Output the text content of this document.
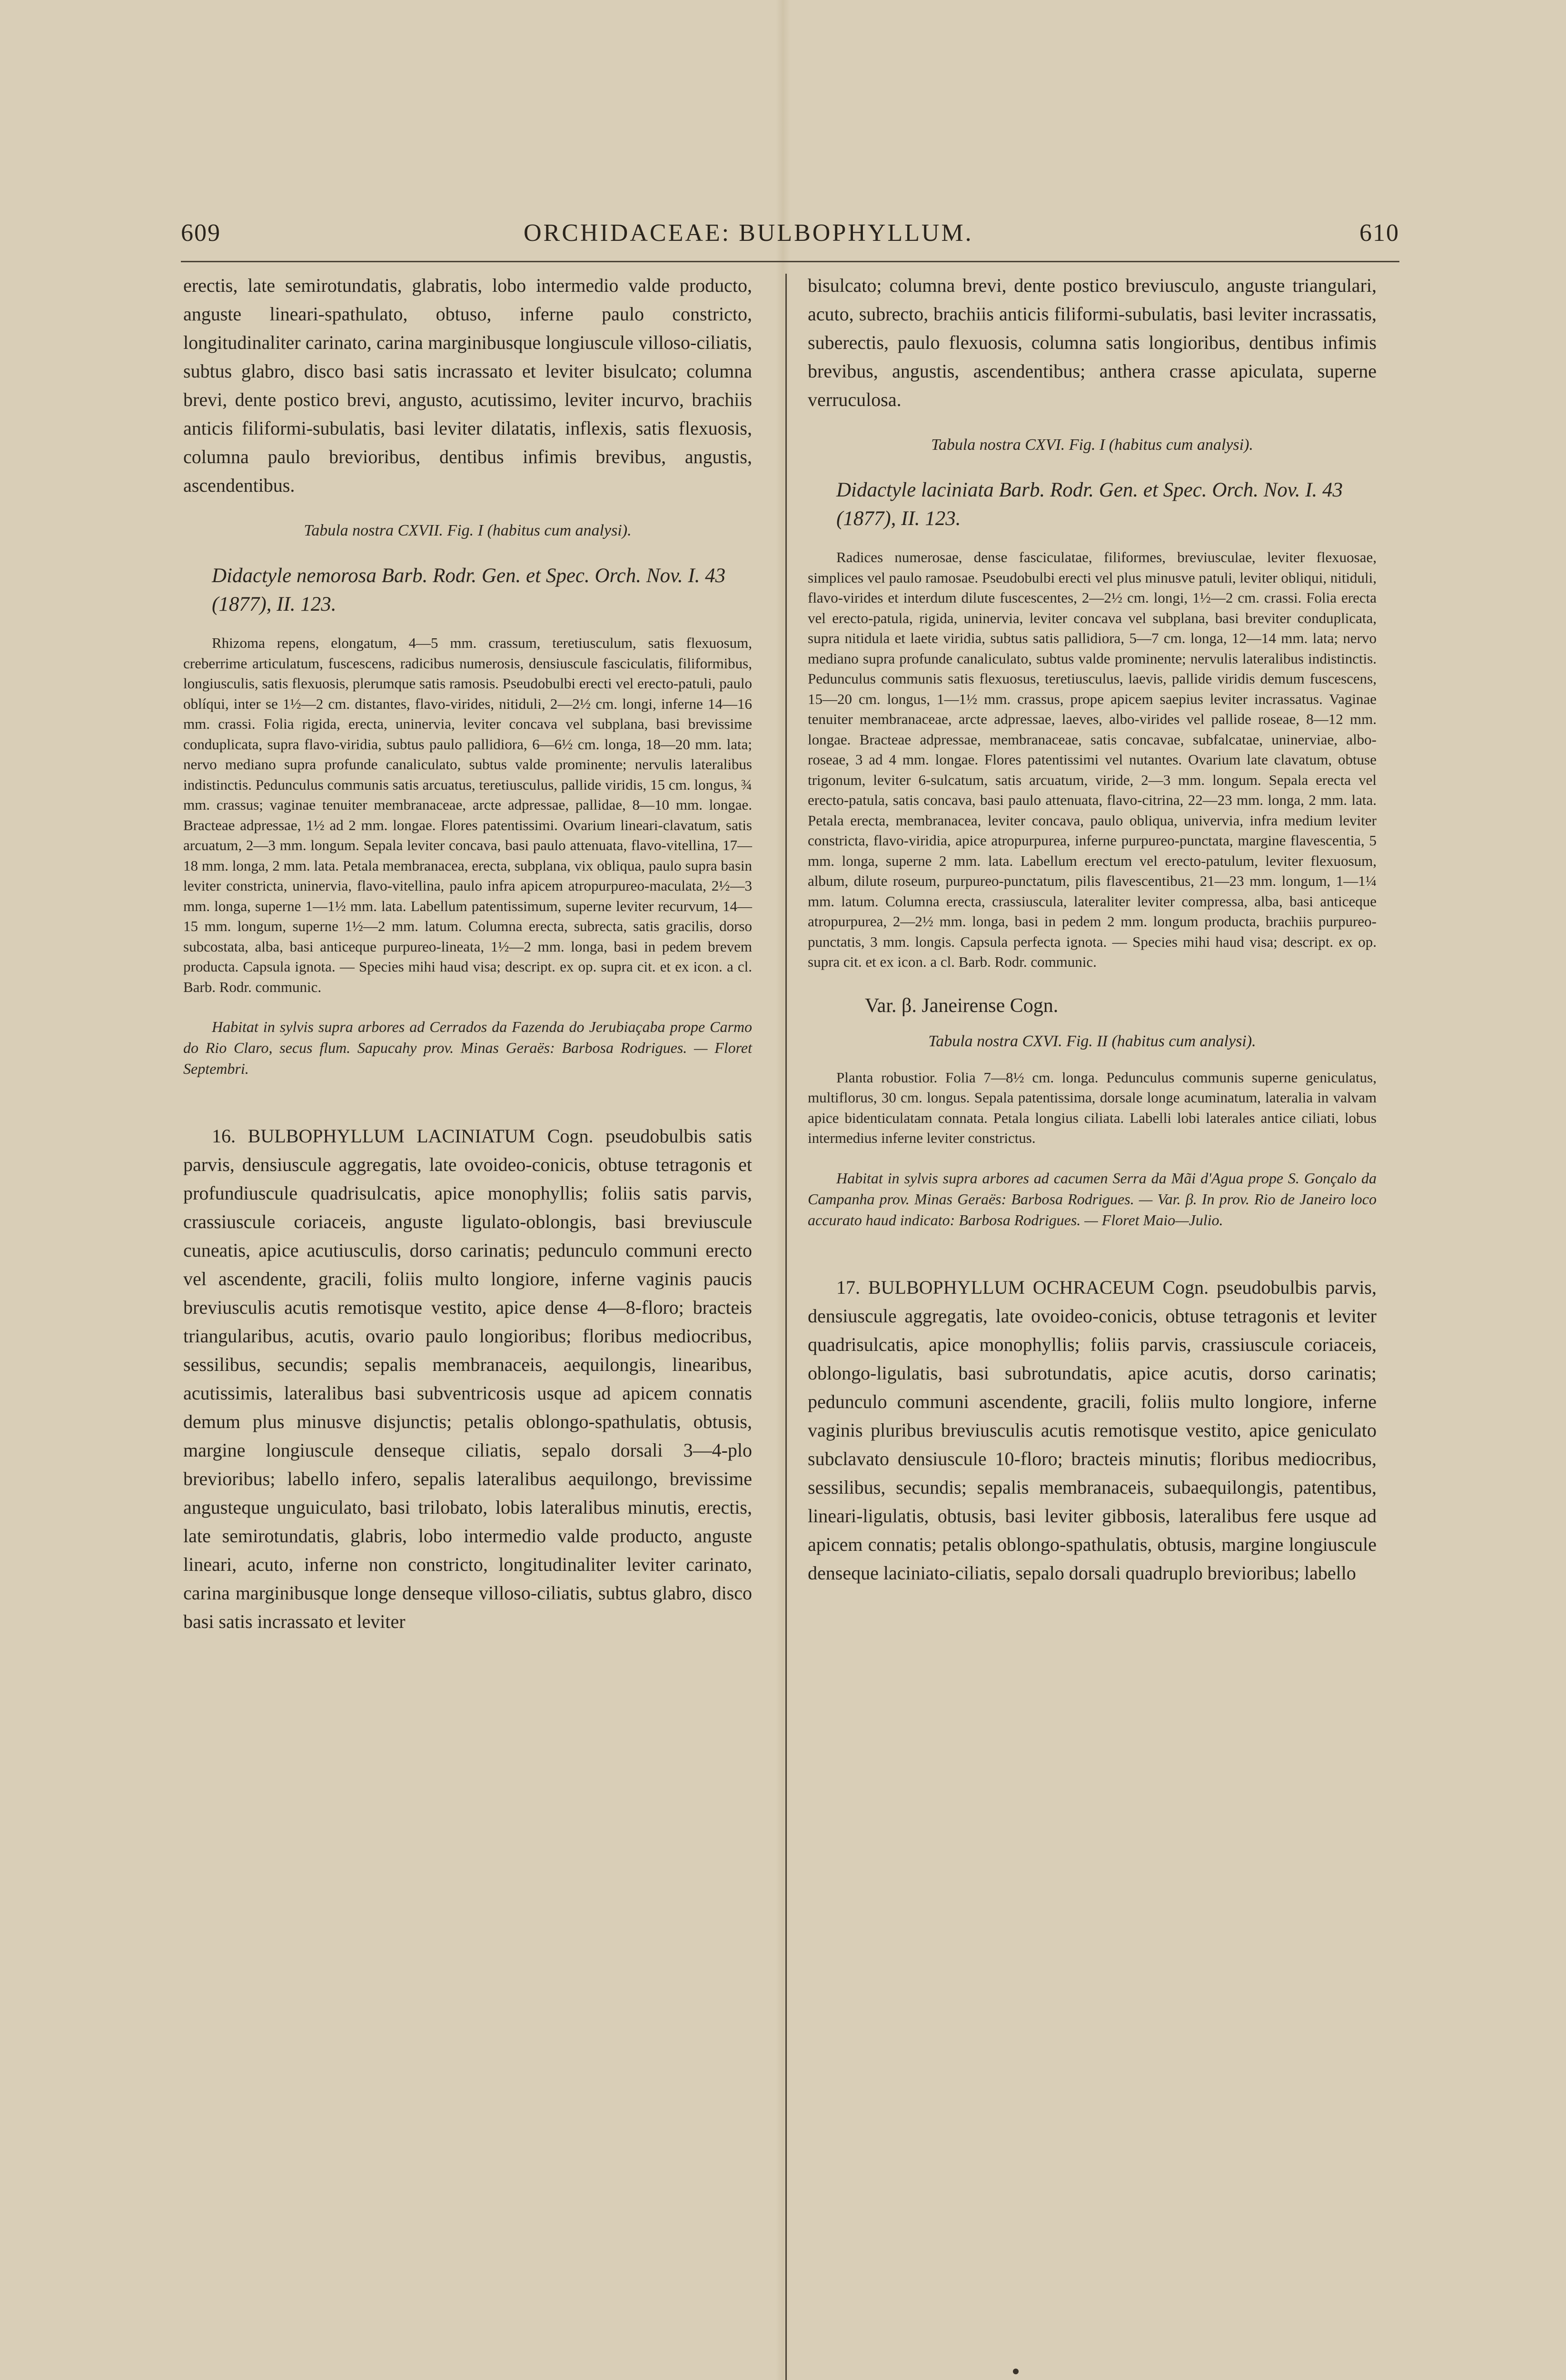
609	ORCHIDACEAE: BULBOPHYLLUM.	610

erectis, late semirotundatis, glabratis, lobo intermedio valde producto, anguste lineari-spathulato, obtuso, inferne paulo constricto, longitudinaliter carinato, carina marginibusque longiuscule villoso-ciliatis, subtus glabro, disco basi satis incrassato et leviter bisulcato; columna brevi, dente postico brevi, angusto, acutissimo, leviter incurvo, brachiis anticis filiformi-subulatis, basi leviter dilatatis, inflexis, satis flexuosis, columna paulo brevioribus, dentibus infimis brevibus, angustis, ascendentibus.

Tabula nostra CXVII. Fig. I (habitus cum analysi).

Didactyle nemorosa Barb. Rodr. Gen. et Spec. Orch. Nov. I. 43 (1877), II. 123.

Rhizoma repens, elongatum, 4—5 mm. crassum, teretiusculum, satis flexuosum, creberrime articulatum, fuscescens, radicibus numerosis, densiuscule fasciculatis, filiformibus, longiusculis, satis flexuosis, plerumque satis ramosis. Pseudobulbi erecti vel erecto-patuli, paulo oblíqui, inter se 1½—2 cm. distantes, flavo-virides, nitiduli, 2—2½ cm. longi, inferne 14—16 mm. crassi. Folia rigida, erecta, uninervia, leviter concava vel subplana, basi brevissime conduplicata, supra flavo-viridia, subtus paulo pallidiora, 6—6½ cm. longa, 18—20 mm. lata; nervo mediano supra profunde canaliculato, subtus valde prominente; nervulis lateralibus indistinctis. Pedunculus communis satis arcuatus, teretiusculus, pallide viridis, 15 cm. longus, ¾ mm. crassus; vaginae tenuiter membranaceae, arcte adpressae, pallidae, 8—10 mm. longae. Bracteae adpressae, 1½ ad 2 mm. longae. Flores patentissimi. Ovarium lineari-clavatum, satis arcuatum, 2—3 mm. longum. Sepala leviter concava, basi paulo attenuata, flavo-vitellina, 17—18 mm. longa, 2 mm. lata. Petala membranacea, erecta, subplana, vix obliqua, paulo supra basin leviter constricta, uninervia, flavo-vitellina, paulo infra apicem atropurpureo-maculata, 2½—3 mm. longa, superne 1—1½ mm. lata. Labellum patentissimum, superne leviter recurvum, 14—15 mm. longum, superne 1½—2 mm. latum. Columna erecta, subrecta, satis gracilis, dorso subcostata, alba, basi anticeque purpureo-lineata, 1½—2 mm. longa, basi in pedem brevem producta. Capsula ignota. — Species mihi haud visa; descript. ex op. supra cit. et ex icon. a cl. Barb. Rodr. communic.

Habitat in sylvis supra arbores ad Cerrados da Fazenda do Jerubiaçaba prope Carmo do Rio Claro, secus flum. Sapucahy prov. Minas Geraës: Barbosa Rodrigues. — Floret Septembri.

16. BULBOPHYLLUM LACINIATUM Cogn. pseudobulbis satis parvis, densiuscule aggregatis, late ovoideo-conicis, obtuse tetragonis et profundiuscule quadrisulcatis, apice monophyllis; foliis satis parvis, crassiuscule coriaceis, anguste ligulato-oblongis, basi breviuscule cuneatis, apice acutiusculis, dorso carinatis; pedunculo communi erecto vel ascendente, gracili, foliis multo longiore, inferne vaginis paucis breviusculis acutis remotisque vestito, apice dense 4—8-floro; bracteis triangularibus, acutis, ovario paulo longioribus; floribus mediocribus, sessilibus, secundis; sepalis membranaceis, aequilongis, linearibus, acutissimis, lateralibus basi subventricosis usque ad apicem connatis demum plus minusve disjunctis; petalis oblongo-spathulatis, obtusis, margine longiuscule denseque ciliatis, sepalo dorsali 3—4-plo brevioribus; labello infero, sepalis lateralibus aequilongo, brevissime angusteque unguiculato, basi trilobato, lobis lateralibus minutis, erectis, late semirotundatis, glabris, lobo intermedio valde producto, anguste lineari, acuto, inferne non constricto, longitudinaliter leviter carinato, carina marginibusque longe denseque villoso-ciliatis, subtus glabro, disco basi satis incrassato et leviter

bisulcato; columna brevi, dente postico breviusculo, anguste triangulari, acuto, subrecto, brachiis anticis filiformi-subulatis, basi leviter incrassatis, suberectis, paulo flexuosis, columna satis longioribus, dentibus infimis brevibus, angustis, ascendentibus; anthera crasse apiculata, superne verruculosa.

Tabula nostra CXVI. Fig. I (habitus cum analysi).

Didactyle laciniata Barb. Rodr. Gen. et Spec. Orch. Nov. I. 43 (1877), II. 123.

Radices numerosae, dense fasciculatae, filiformes, breviusculae, leviter flexuosae, simplices vel paulo ramosae. Pseudobulbi erecti vel plus minusve patuli, leviter obliqui, nitiduli, flavo-virides et interdum dilute fuscescentes, 2—2½ cm. longi, 1½—2 cm. crassi. Folia erecta vel erecto-patula, rigida, uninervia, leviter concava vel subplana, basi breviter conduplicata, supra nitidula et laete viridia, subtus satis pallidiora, 5—7 cm. longa, 12—14 mm. lata; nervo mediano supra profunde canaliculato, subtus valde prominente; nervulis lateralibus indistinctis. Pedunculus communis satis flexuosus, teretiusculus, laevis, pallide viridis demum fuscescens, 15—20 cm. longus, 1—1½ mm. crassus, prope apicem saepius leviter incrassatus. Vaginae tenuiter membranaceae, arcte adpressae, laeves, albo-virides vel pallide roseae, 8—12 mm. longae. Bracteae adpressae, membranaceae, satis concavae, subfalcatae, uninerviae, albo-roseae, 3 ad 4 mm. longae. Flores patentissimi vel nutantes. Ovarium late clavatum, obtuse trigonum, leviter 6-sulcatum, satis arcuatum, viride, 2—3 mm. longum. Sepala erecta vel erecto-patula, satis concava, basi paulo attenuata, flavo-citrina, 22—23 mm. longa, 2 mm. lata. Petala erecta, membranacea, leviter concava, paulo obliqua, univervia, infra medium leviter constricta, flavo-viridia, apice atropurpurea, inferne purpureo-punctata, margine flavescentia, 5 mm. longa, superne 2 mm. lata. Labellum erectum vel erecto-patulum, leviter flexuosum, album, dilute roseum, purpureo-punctatum, pilis flavescentibus, 21—23 mm. longum, 1—1¼ mm. latum. Columna erecta, crassiuscula, lateraliter leviter compressa, alba, basi anticeque atropurpurea, 2—2½ mm. longa, basi in pedem 2 mm. longum producta, brachiis purpureo-punctatis, 3 mm. longis. Capsula perfecta ignota. — Species mihi haud visa; descript. ex op. supra cit. et ex icon. a cl. Barb. Rodr. communic.

Var. β. Janeirense Cogn.

Tabula nostra CXVI. Fig. II (habitus cum analysi).

Planta robustior. Folia 7—8½ cm. longa. Pedunculus communis superne geniculatus, multiflorus, 30 cm. longus. Sepala patentissima, dorsale longe acuminatum, lateralia in valvam apice bidenticulatam connata. Petala longius ciliata. Labelli lobi laterales antice ciliati, lobus intermedius inferne leviter constrictus.

Habitat in sylvis supra arbores ad cacumen Serra da Mãi d'Agua prope S. Gonçalo da Campanha prov. Minas Geraës: Barbosa Rodrigues. — Var. β. In prov. Rio de Janeiro loco accurato haud indicato: Barbosa Rodrigues. — Floret Maio—Julio.

17. BULBOPHYLLUM OCHRACEUM Cogn. pseudobulbis parvis, densiuscule aggregatis, late ovoideo-conicis, obtuse tetragonis et leviter quadrisulcatis, apice monophyllis; foliis parvis, crassiuscule coriaceis, oblongo-ligulatis, basi subrotundatis, apice acutis, dorso carinatis; pedunculo communi ascendente, gracili, foliis multo longiore, inferne vaginis pluribus breviusculis acutis remotisque vestito, apice geniculato subclavato densiuscule 10-floro; bracteis minutis; floribus mediocribus, sessilibus, secundis; sepalis membranaceis, subaequilongis, patentibus, lineari-ligulatis, obtusis, basi leviter gibbosis, lateralibus fere usque ad apicem connatis; petalis oblongo-spathulatis, obtusis, margine longiuscule denseque laciniato-ciliatis, sepalo dorsali quadruplo brevioribus; labello
